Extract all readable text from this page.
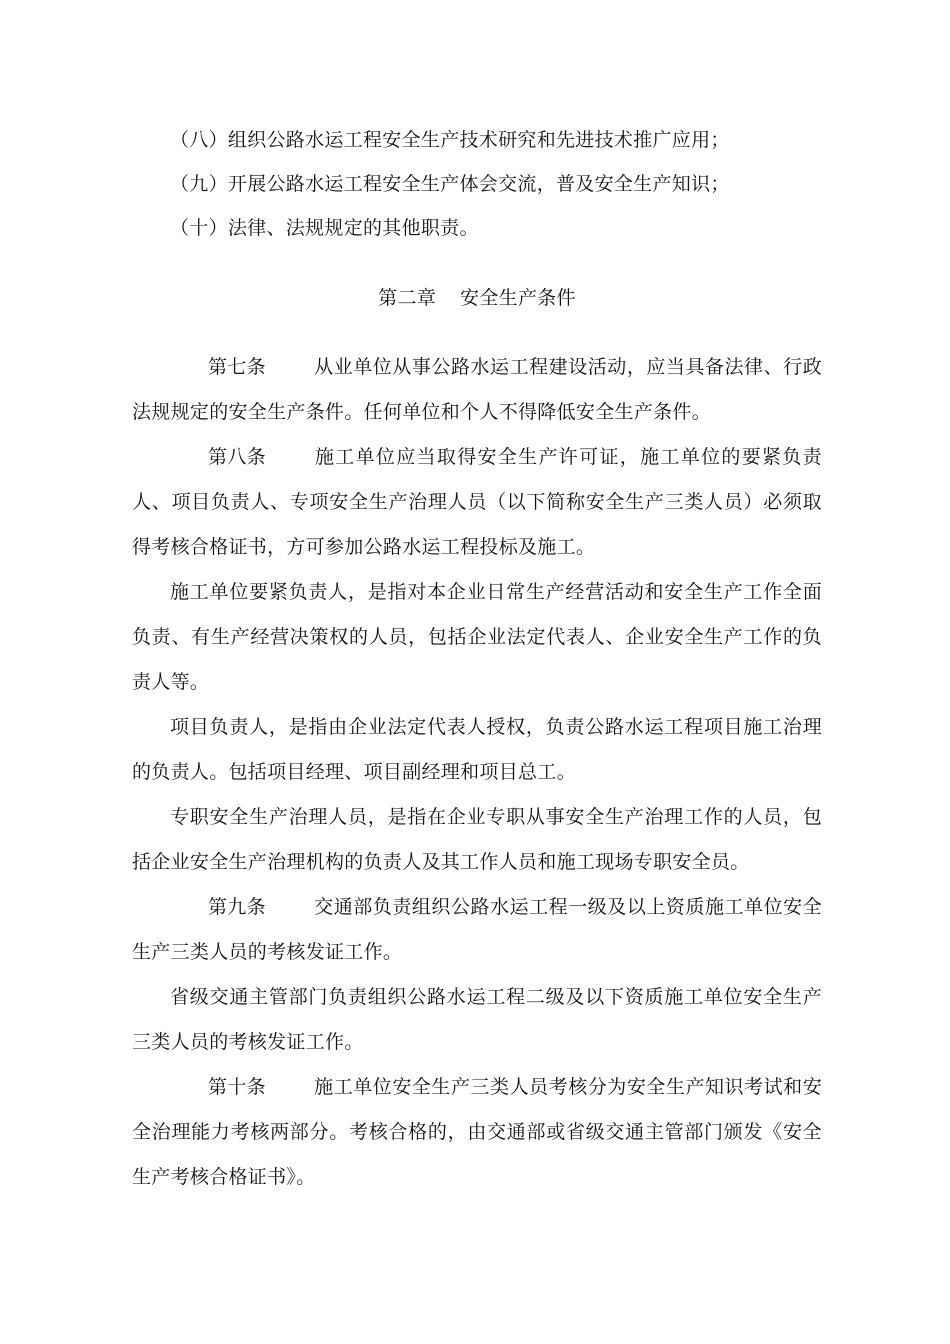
（八）组织公路水运工程安全生产技术研究和先进技术推广应用；

（九）开展公路水运工程安全生产体会交流，普及安全生产知识；

（十）法律、法规规定的其他职责。

第二章 安全生产条件

第七条	从业单位从事公路水运工程建设活动，应当具备法律、行政法规规定的安全生产条件。任何单位和个人不得降低安全生产条件。

第八条	施工单位应当取得安全生产许可证，施工单位的要紧负责人、项目负责人、专项安全生产治理人员（以下简称安全生产三类人员）必须取得考核合格证书，方可参加公路水运工程投标及施工。

施工单位要紧负责人，是指对本企业日常生产经营活动和安全生产工作全面负责、有生产经营决策权的人员，包括企业法定代表人、企业安全生产工作的负责人等。

项目负责人，是指由企业法定代表人授权，负责公路水运工程项目施工治理的负责人。包括项目经理、项目副经理和项目总工。

专职安全生产治理人员，是指在企业专职从事安全生产治理工作的人员，包括企业安全生产治理机构的负责人及其工作人员和施工现场专职安全员。

第九条	交通部负责组织公路水运工程一级及以上资质施工单位安全生产三类人员的考核发证工作。

省级交通主管部门负责组织公路水运工程二级及以下资质施工单位安全生产三类人员的考核发证工作。

第十条	施工单位安全生产三类人员考核分为安全生产知识考试和安全治理能力考核两部分。考核合格的，由交通部或省级交通主管部门颁发《安全生产考核合格证书》。
